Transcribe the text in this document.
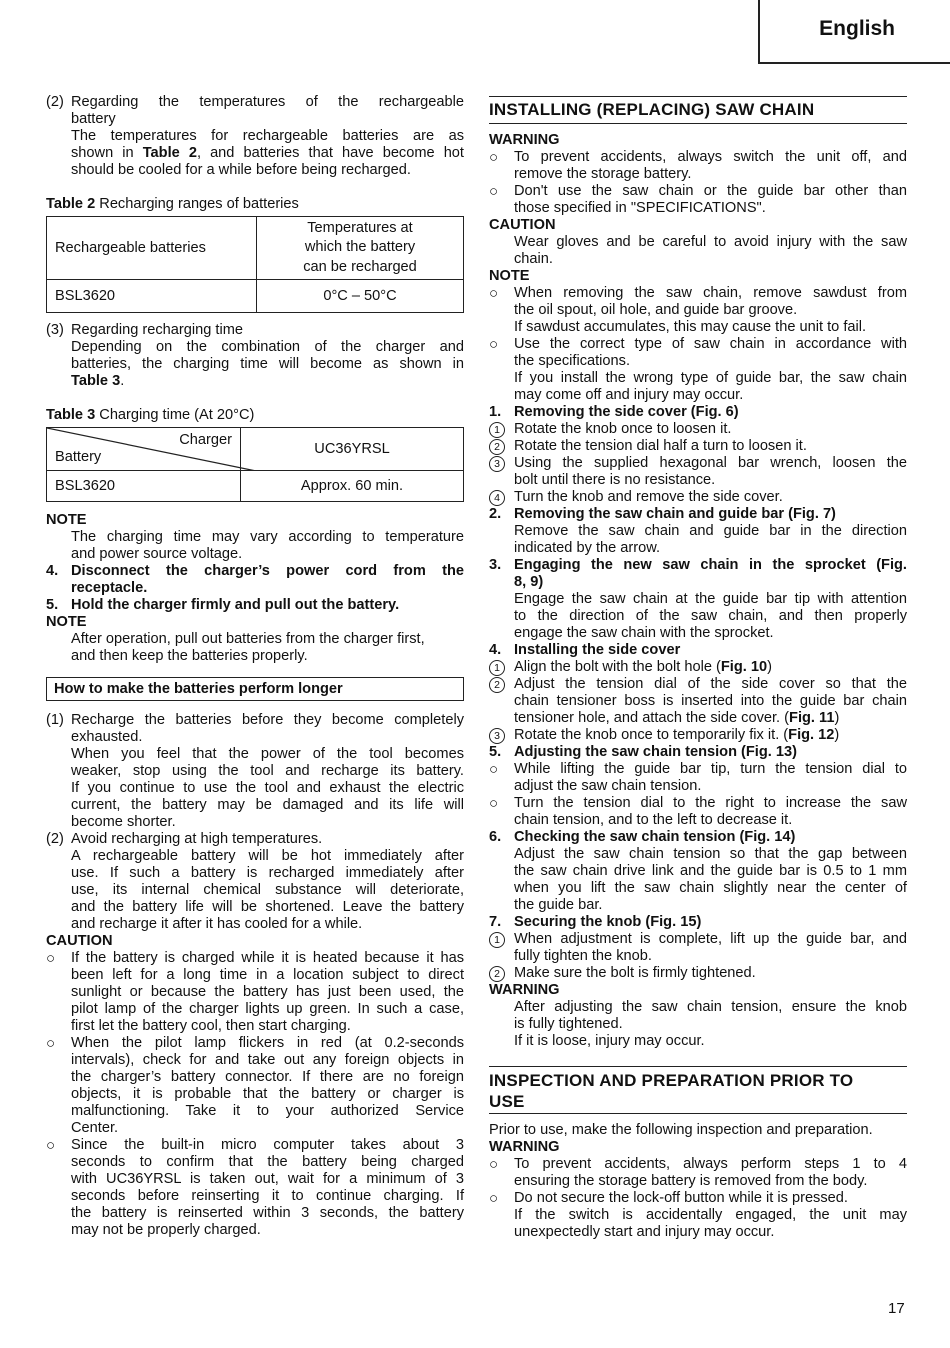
English
(2) Regarding the temperatures of the rechargeable
battery
The temperatures for rechargeable batteries are as
shown in Table 2, and batteries that have become hot
should be cooled for a while before being recharged.
Table 2 Recharging ranges of batteries
Rechargeable batteries	Temperatures at
which the battery
can be recharged

BSL3620	0°C – 50°C
(3) Regarding recharging time
Depending on the combination of the charger and
batteries, the charging time will become as shown in
Table 3.
Table 3 Charging time (At 20°C)
Charger
Battery	UC36YRSL
BSL3620	Approx. 60 min.
NOTE
The charging time may vary according to temperature
and power source voltage.
4. Disconnect the charger’s power cord from the
receptacle.
5. Hold the charger firmly and pull out the battery.
NOTE
After operation, pull out batteries from the charger first,
and then keep the batteries properly.
How to make the batteries perform longer
(1) Recharge the batteries before they become completely
exhausted.
When you feel that the power of the tool becomes
weaker, stop using the tool and recharge its battery.
If you continue to use the tool and exhaust the electric
current, the battery may be damaged and its life will
become shorter.
(2) Avoid recharging at high temperatures.
A rechargeable battery will be hot immediately after
use. If such a battery is recharged immediately after
use, its internal chemical substance will deteriorate,
and the battery life will be shortened. Leave the battery
and recharge it after it has cooled for a while.
CAUTION
○ If the battery is charged while it is heated because it has
been left for a long time in a location subject to direct
sunlight or because the battery has just been used, the
pilot lamp of the charger lights up green. In such a case,
first let the battery cool, then start charging.
○ When the pilot lamp flickers in red (at 0.2-seconds
intervals), check for and take out any foreign objects in
the charger’s battery connector. If there are no foreign
objects, it is probable that the battery or charger is
malfunctioning. Take it to your authorized Service
Center.
○ Since the built-in micro computer takes about 3
seconds to confirm that the battery being charged
with UC36YRSL is taken out, wait for a minimum of 3
seconds before reinserting it to continue charging. If
the battery is reinserted within 3 seconds, the battery
may not be properly charged.
INSTALLING (REPLACING) SAW CHAIN
WARNING
○ To prevent accidents, always switch the unit off, and
remove the storage battery.
○ Don't use the saw chain or the guide bar other than
those specified in "SPECIFICATIONS".
CAUTION
Wear gloves and be careful to avoid injury with the saw
chain.
NOTE
○ When removing the saw chain, remove sawdust from
the oil spout, oil hole, and guide bar groove.
If sawdust accumulates, this may cause the unit to fail.
○ Use the correct type of saw chain in accordance with
the specifications.
If you install the wrong type of guide bar, the saw chain
may come off and injury may occur.
1. Removing the side cover (Fig. 6)
1 Rotate the knob once to loosen it.
2 Rotate the tension dial half a turn to loosen it.
3 Using the supplied hexagonal bar wrench, loosen the
bolt until there is no resistance.
4 Turn the knob and remove the side cover.
2. Removing the saw chain and guide bar (Fig. 7)
Remove the saw chain and guide bar in the direction
indicated by the arrow.
3. Engaging the new saw chain in the sprocket (Fig.
8, 9)
Engage the saw chain at the guide bar tip with attention
to the direction of the saw chain, and then properly
engage the saw chain with the sprocket.
4. Installing the side cover
1 Align the bolt with the bolt hole (Fig. 10)
2 Adjust the tension dial of the side cover so that the
chain tensioner boss is inserted into the guide bar chain
tensioner hole, and attach the side cover. (Fig. 11)
3 Rotate the knob once to temporarily fix it. (Fig. 12)
5. Adjusting the saw chain tension (Fig. 13)
○ While lifting the guide bar tip, turn the tension dial to
adjust the saw chain tension.
○ Turn the tension dial to the right to increase the saw
chain tension, and to the left to decrease it.
6. Checking the saw chain tension (Fig. 14)
Adjust the saw chain tension so that the gap between
the saw chain drive link and the guide bar is 0.5 to 1 mm
when you lift the saw chain slightly near the center of
the guide bar.
7. Securing the knob (Fig. 15)
1 When adjustment is complete, lift up the guide bar, and
fully tighten the knob.
2 Make sure the bolt is firmly tightened.
WARNING
After adjusting the saw chain tension, ensure the knob
is fully tightened.
If it is loose, injury may occur.
INSPECTION AND PREPARATION PRIOR TO
USE
Prior to use, make the following inspection and preparation.
WARNING
○ To prevent accidents, always perform steps 1 to 4
ensuring the storage battery is removed from the body.
○ Do not secure the lock-off button while it is pressed.
If the switch is accidentally engaged, the unit may
unexpectedly start and injury may occur.
17
